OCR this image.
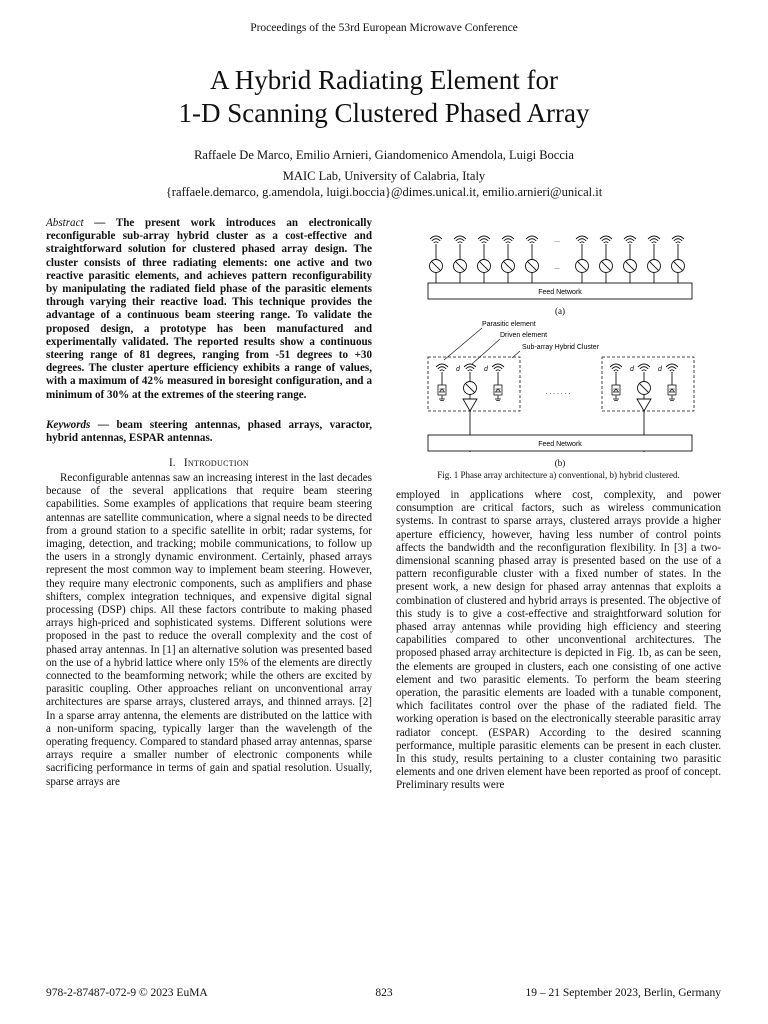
Proceedings of the 53rd European Microwave Conference
A Hybrid Radiating Element for
1-D Scanning Clustered Phased Array
Raffaele De Marco, Emilio Arnieri, Giandomenico Amendola, Luigi Boccia
MAIC Lab, University of Calabria, Italy
{raffaele.demarco, g.amendola, luigi.boccia}@dimes.unical.it, emilio.arnieri@unical.it

Abstract — The present work introduces an electronically reconfigurable sub-array hybrid cluster as a cost-effective and straightforward solution for clustered phased array design. The cluster consists of three radiating elements: one active and two reactive parasitic elements, and achieves pattern reconfigurability by manipulating the radiated field phase of the parasitic elements through varying their reactive load. This technique provides the advantage of a continuous beam steering range. To validate the proposed design, a prototype has been manufactured and experimentally validated. The reported results show a continuous steering range of 81 degrees, ranging from -51 degrees to +30 degrees. The cluster aperture efficiency exhibits a range of values, with a maximum of 42% measured in boresight configuration, and a minimum of 30% at the extremes of the steering range.

Keywords — beam steering antennas, phased arrays, varactor, hybrid antennas, ESPAR antennas.

I. Introduction

Reconfigurable antennas saw an increasing interest in the last decades because of the several applications that require beam steering capabilities. Some examples of applications that require beam steering antennas are satellite communication, where a signal needs to be directed from a ground station to a specific satellite in orbit; radar systems, for imaging, detection, and tracking; mobile communications, to follow up the users in a strongly dynamic environment. Certainly, phased arrays represent the most common way to implement beam steering. However, they require many electronic components, such as amplifiers and phase shifters, complex integration techniques, and expensive digital signal processing (DSP) chips. All these factors contribute to making phased arrays high-priced and sophisticated systems. Different solutions were proposed in the past to reduce the overall complexity and the cost of phased array antennas. In [1] an alternative solution was presented based on the use of a hybrid lattice where only 15% of the elements are directly connected to the beamforming network; while the others are excited by parasitic coupling. Other approaches reliant on unconventional array architectures are sparse arrays, clustered arrays, and thinned arrays. [2] In a sparse array antenna, the elements are distributed on the lattice with a non-uniform spacing, typically larger than the wavelength of the operating frequency. Compared to standard phased array antennas, sparse arrays require a smaller number of electronic components while sacrificing performance in terms of gain and spatial resolution. Usually, sparse arrays are

...
...
Feed Network
(a)
Parasitic element
Driven element
Sub-array Hybrid Cluster
d	d
. . . . . . .
d	d
Feed Network
(b)
Fig. 1 Phase array architecture a) conventional, b) hybrid clustered.

employed in applications where cost, complexity, and power consumption are critical factors, such as wireless communication systems. In contrast to sparse arrays, clustered arrays provide a higher aperture efficiency, however, having less number of control points affects the bandwidth and the reconfiguration flexibility. In [3] a two-dimensional scanning phased array is presented based on the use of a pattern reconfigurable cluster with a fixed number of states. In the present work, a new design for phased array antennas that exploits a combination of clustered and hybrid arrays is presented. The objective of this study is to give a cost-effective and straightforward solution for phased array antennas while providing high efficiency and steering capabilities compared to other unconventional architectures. The proposed phased array architecture is depicted in Fig. 1b, as can be seen, the elements are grouped in clusters, each one consisting of one active element and two parasitic elements. To perform the beam steering operation, the parasitic elements are loaded with a tunable component, which facilitates control over the phase of the radiated field. The working operation is based on the electronically steerable parasitic array radiator concept. (ESPAR) According to the desired scanning performance, multiple parasitic elements can be present in each cluster. In this study, results pertaining to a cluster containing two parasitic elements and one driven element have been reported as proof of concept. Preliminary results were

978-2-87487-072-9 © 2023 EuMA	823	19 – 21 September 2023, Berlin, Germany
